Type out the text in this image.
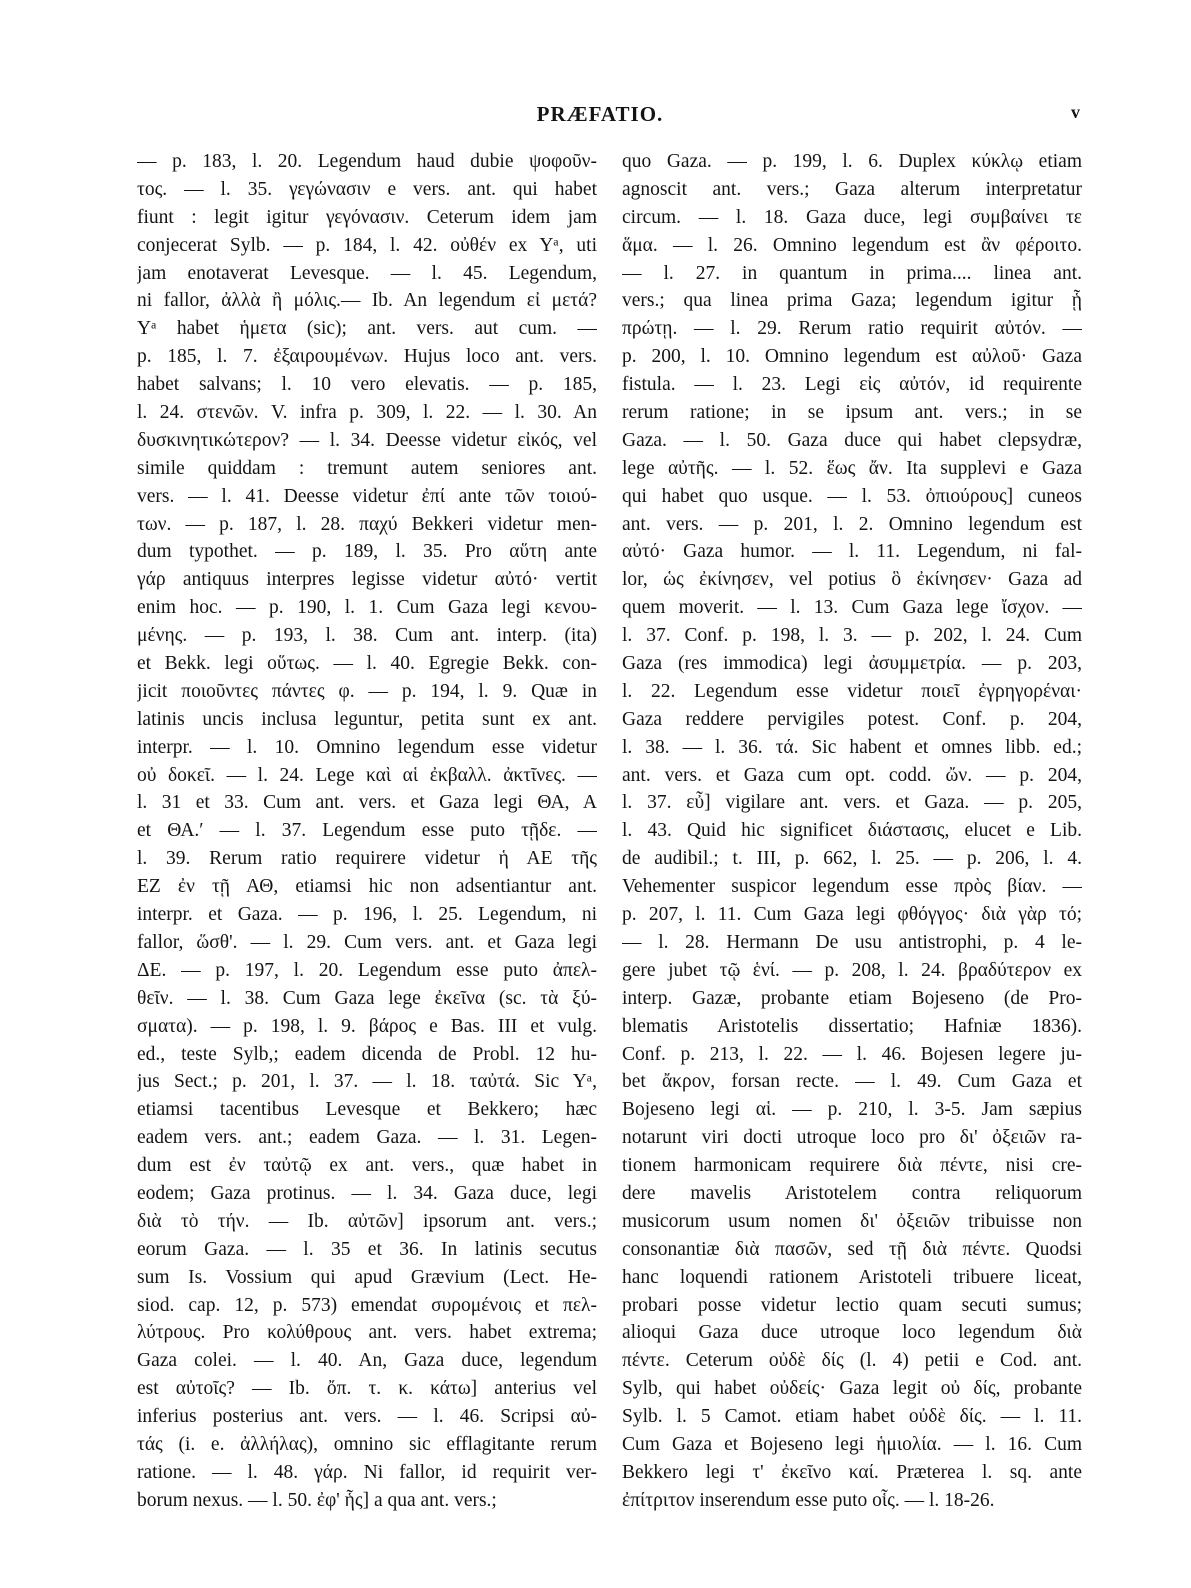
PRÆFATIO.	v
— p. 183, l. 20. Legendum haud dubie ψοφοῦν-
τος. — l. 35. γεγώνασιν e vers. ant. qui habet
fiunt : legit igitur γεγόνασιν. Ceterum idem jam
conjecerat Sylb. — p. 184, l. 42. οὐθέν ex Yᵃ, uti
jam enotaverat Levesque. — l. 45. Legendum,
ni fallor, ἀλλὰ ἢ μόλις.— Ib. An legendum εἰ μετά?
Yᵃ habet ἡμετα (sic); ant. vers. aut cum. —
p. 185, l. 7. ἐξαιρουμένων. Hujus loco ant. vers.
habet salvans; l. 10 vero elevatis. — p. 185,
l. 24. στενῶν. V. infra p. 309, l. 22. — l. 30. An
δυσκινητικώτερον? — l. 34. Deesse videtur εἰκός, vel
simile quiddam : tremunt autem seniores ant.
vers. — l. 41. Deesse videtur ἐπί ante τῶν τοιού-
των. — p. 187, l. 28. παχύ Bekkeri videtur men-
dum typothet. — p. 189, l. 35. Pro αὕτη ante
γάρ antiquus interpres legisse videtur αὐτό· vertit
enim hoc. — p. 190, l. 1. Cum Gaza legi κενου-
μένης. — p. 193, l. 38. Cum ant. interp. (ita)
et Bekk. legi οὕτως. — l. 40. Egregie Bekk. con-
jicit ποιοῦντες πάντες φ. — p. 194, l. 9. Quæ in
latinis uncis inclusa leguntur, petita sunt ex ant.
interpr. — l. 10. Omnino legendum esse videtur
οὐ δοκεῖ. — l. 24. Lege καὶ αἱ ἐκβαλλ. ἀκτῖνες. —
l. 31 et 33. Cum ant. vers. et Gaza legi ΘΑ, Α
et ΘΑ.′ — l. 37. Legendum esse puto τῇδε. —
l. 39. Rerum ratio requirere videtur ἡ ΑΕ τῆς
ΕΖ ἐν τῇ ΑΘ, etiamsi hic non adsentiantur ant.
interpr. et Gaza. — p. 196, l. 25. Legendum, ni
fallor, ὥσθ'. — l. 29. Cum vers. ant. et Gaza legi
ΔΕ. — p. 197, l. 20. Legendum esse puto ἀπελ-
θεῖν. — l. 38. Cum Gaza lege ἐκεῖνα (sc. τὰ ξύ-
σματα). — p. 198, l. 9. βάρος e Bas. III et vulg.
ed., teste Sylb,; eadem dicenda de Probl. 12 hu-
jus Sect.; p. 201, l. 37. — l. 18. ταὐτά. Sic Yᵃ,
etiamsi tacentibus Levesque et Bekkero; hæc
eadem vers. ant.; eadem Gaza. — l. 31. Legen-
dum est ἐν ταὐτῷ ex ant. vers., quæ habet in
eodem; Gaza protinus. — l. 34. Gaza duce, legi
διὰ τὸ τήν. — Ib. αὐτῶν] ipsorum ant. vers.;
eorum Gaza. — l. 35 et 36. In latinis secutus
sum Is. Vossium qui apud Grævium (Lect. He-
siod. cap. 12, p. 573) emendat συρομένοις et πελ-
λύτρους. Pro κολύθρους ant. vers. habet extrema;
Gaza colei. — l. 40. An, Gaza duce, legendum
est αὐτοῖς? — Ib. ὄπ. τ. κ. κάτω] anterius vel
inferius posterius ant. vers. — l. 46. Scripsi αὐ-
τάς (i. e. ἀλλήλας), omnino sic efflagitante rerum
ratione. — l. 48. γάρ. Ni fallor, id requirit ver-
borum nexus. — l. 50. ἐφ' ἧς] a qua ant. vers.;
quo Gaza. — p. 199, l. 6. Duplex κύκλῳ etiam
agnoscit ant. vers.; Gaza alterum interpretatur
circum. — l. 18. Gaza duce, legi συμβαίνει τε
ἅμα. — l. 26. Omnino legendum est ἂν φέροιτο.
— l. 27. in quantum in prima.... linea ant.
vers.; qua linea prima Gaza; legendum igitur ᾗ
πρώτῃ. — l. 29. Rerum ratio requirit αὐτόν. —
p. 200, l. 10. Omnino legendum est αὐλοῦ· Gaza
fistula. — l. 23. Legi εἰς αὐτόν, id requirente
rerum ratione; in se ipsum ant. vers.; in se
Gaza. — l. 50. Gaza duce qui habet clepsydræ,
lege αὐτῆς. — l. 52. ἕως ἄν. Ita supplevi e Gaza
qui habet quo usque. — l. 53. ὀπιούρους] cuneos
ant. vers. — p. 201, l. 2. Omnino legendum est
αὐτό· Gaza humor. — l. 11. Legendum, ni fal-
lor, ὡς ἐκίνησεν, vel potius ὃ ἐκίνησεν· Gaza ad
quem moverit. — l. 13. Cum Gaza lege ἴσχον. —
l. 37. Conf. p. 198, l. 3. — p. 202, l. 24. Cum
Gaza (res immodica) legi ἀσυμμετρία. — p. 203,
l. 22. Legendum esse videtur ποιεῖ ἐγρηγορέναι·
Gaza reddere pervigiles potest. Conf. p. 204,
l. 38. — l. 36. τά. Sic habent et omnes libb. ed.;
ant. vers. et Gaza cum opt. codd. ὤν. — p. 204,
l. 37. εὖ] vigilare ant. vers. et Gaza. — p. 205,
l. 43. Quid hic significet διάστασις, elucet e Lib.
de audibil.; t. III, p. 662, l. 25. — p. 206, l. 4.
Vehementer suspicor legendum esse πρὸς βίαν. —
p. 207, l. 11. Cum Gaza legi φθόγγος· διὰ γὰρ τό;
— l. 28. Hermann De usu antistrophi, p. 4 le-
gere jubet τῷ ἑνί. — p. 208, l. 24. βραδύτερον ex
interp. Gazæ, probante etiam Bojeseno (de Pro-
blematis Aristotelis dissertatio; Hafniæ 1836).
Conf. p. 213, l. 22. — l. 46. Bojesen legere ju-
bet ἄκρον, forsan recte. — l. 49. Cum Gaza et
Bojeseno legi αἱ. — p. 210, l. 3-5. Jam sæpius
notarunt viri docti utroque loco pro δι' ὀξειῶν ra-
tionem harmonicam requirere διὰ πέντε, nisi cre-
dere mavelis Aristotelem contra reliquorum
musicorum usum nomen δι' ὀξειῶν tribuisse non
consonantiæ διὰ πασῶν, sed τῇ διὰ πέντε. Quodsi
hanc loquendi rationem Aristoteli tribuere liceat,
probari posse videtur lectio quam secuti sumus;
alioqui Gaza duce utroque loco legendum διὰ
πέντε. Ceterum οὐδὲ δίς (l. 4) petii e Cod. ant.
Sylb, qui habet οὐδείς· Gaza legit οὐ δίς, probante
Sylb. l. 5 Camot. etiam habet οὐδὲ δίς. — l. 11.
Cum Gaza et Bojeseno legi ἡμιολία. — l. 16. Cum
Bekkero legi τ' ἐκεῖνο καί. Præterea l. sq. ante
ἐπίτριτον inserendum esse puto οἷς. — l. 18-26.
